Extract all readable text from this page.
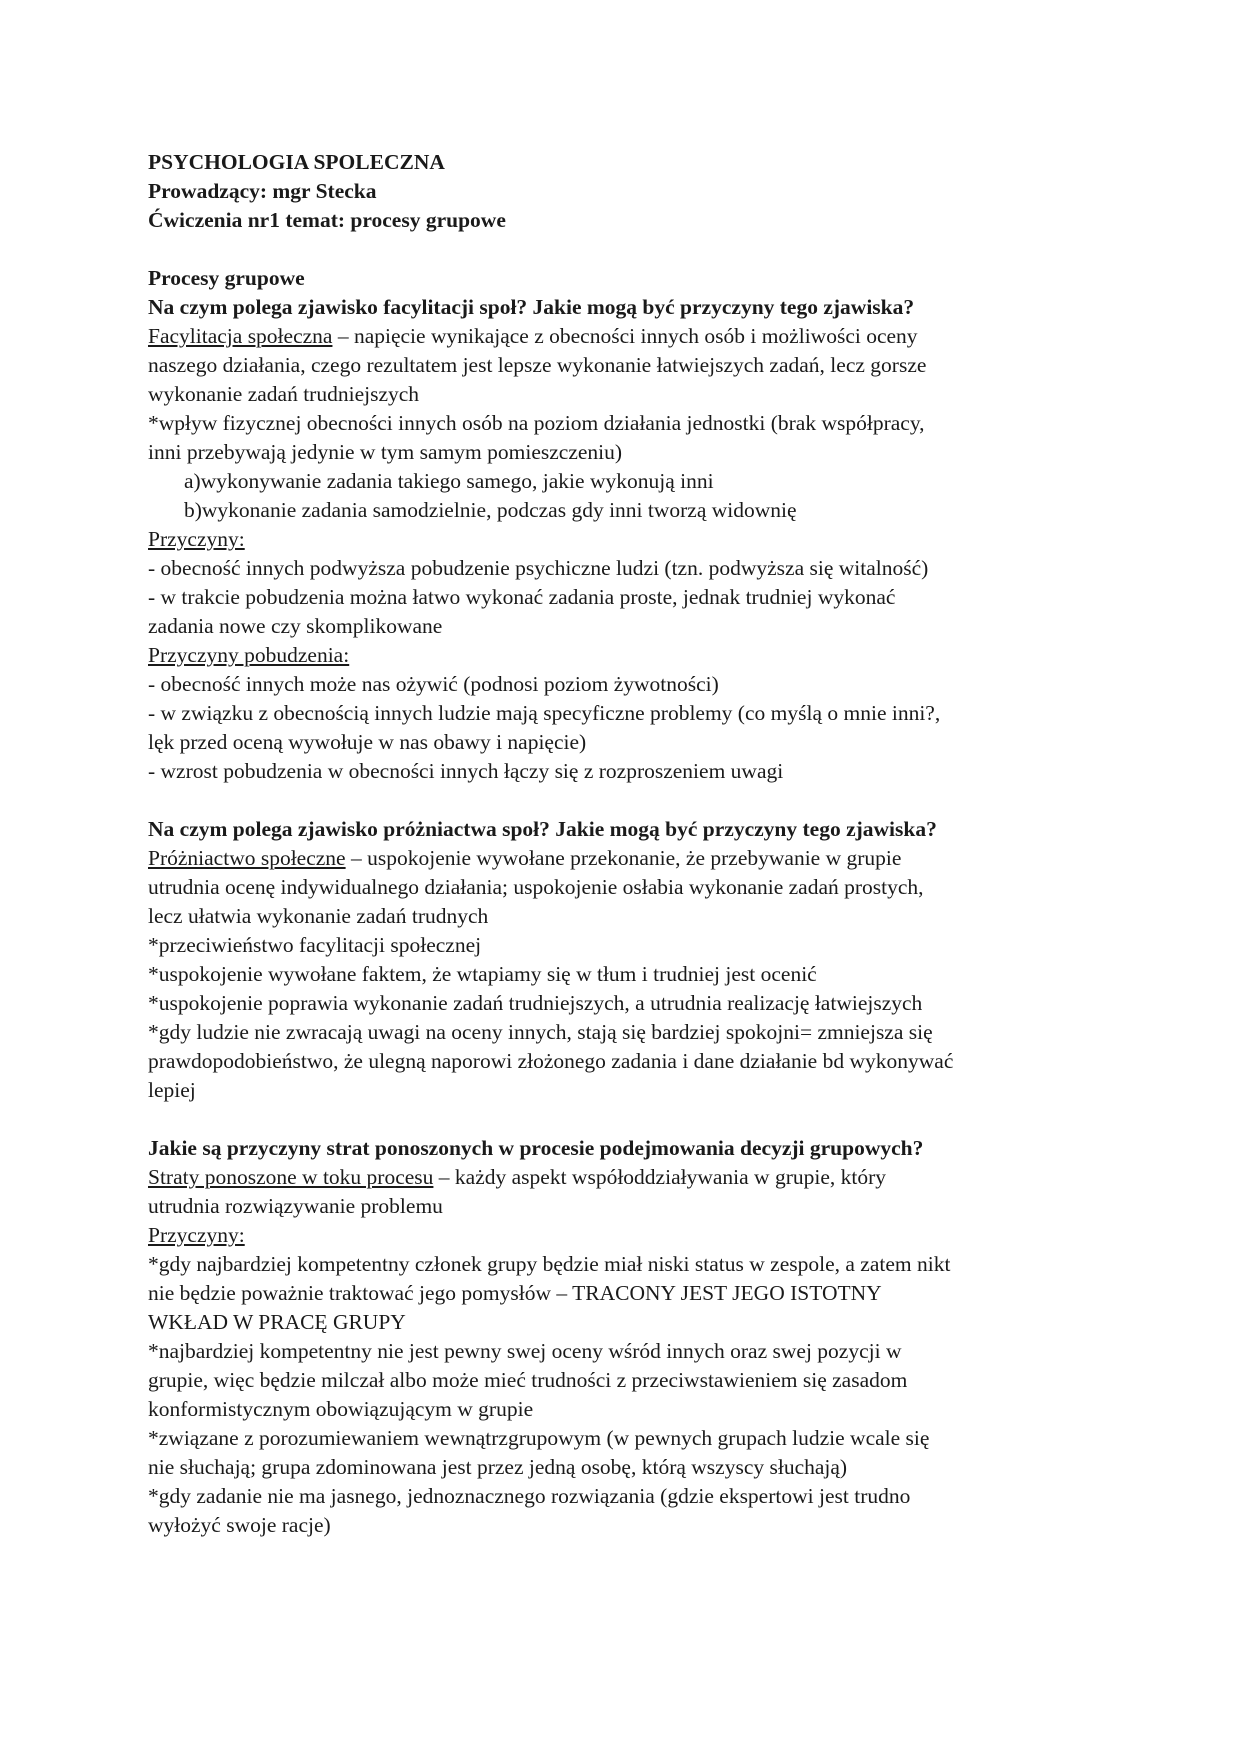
PSYCHOLOGIA SPOLECZNA
Prowadzący: mgr Stecka
Ćwiczenia nr1 temat: procesy grupowe
Procesy grupowe
Na czym polega zjawisko facylitacji społ? Jakie mogą być przyczyny tego zjawiska?
Facylitacja społeczna – napięcie wynikające z obecności innych osób i możliwości oceny
naszego działania, czego rezultatem jest lepsze wykonanie łatwiejszych zadań, lecz gorsze
wykonanie zadań trudniejszych
*wpływ fizycznej obecności innych osób na poziom działania jednostki (brak współpracy,
inni przebywają jedynie w tym samym pomieszczeniu)
a)wykonywanie zadania takiego samego, jakie wykonują inni
b)wykonanie zadania samodzielnie, podczas gdy inni tworzą widownię
Przyczyny:
- obecność innych podwyższa pobudzenie psychiczne ludzi (tzn. podwyższa się witalność)
- w trakcie pobudzenia można łatwo wykonać zadania proste, jednak trudniej wykonać
zadania nowe czy skomplikowane
Przyczyny pobudzenia:
- obecność innych może nas ożywić (podnosi poziom żywotności)
- w związku z obecnością innych ludzie mają specyficzne problemy (co myślą o mnie inni?,
lęk przed oceną wywołuje w nas obawy i napięcie)
- wzrost pobudzenia w obecności innych łączy się z rozproszeniem uwagi
Na czym polega zjawisko próżniactwa społ? Jakie mogą być przyczyny tego zjawiska?
Próżniactwo społeczne – uspokojenie wywołane przekonanie, że przebywanie w grupie
utrudnia ocenę indywidualnego działania; uspokojenie osłabia wykonanie zadań prostych,
lecz ułatwia wykonanie zadań trudnych
*przeciwieństwo facylitacji społecznej
*uspokojenie wywołane faktem, że wtapiamy się w tłum i trudniej jest ocenić
*uspokojenie poprawia wykonanie zadań trudniejszych, a utrudnia realizację łatwiejszych
*gdy ludzie nie zwracają uwagi na oceny innych, stają się bardziej spokojni= zmniejsza się
prawdopodobieństwo, że ulegną naporowi złożonego zadania i dane działanie bd wykonywać
lepiej
Jakie są przyczyny strat ponoszonych w procesie podejmowania decyzji grupowych?
Straty ponoszone w toku procesu – każdy aspekt współoddziaływania w grupie, który
utrudnia rozwiązywanie problemu
Przyczyny:
*gdy najbardziej kompetentny członek grupy będzie miał niski status w zespole, a zatem nikt
nie będzie poważnie traktować jego pomysłów – TRACONY JEST JEGO ISTOTNY
WKŁAD W PRACĘ GRUPY
*najbardziej kompetentny nie jest pewny swej oceny wśród innych oraz swej pozycji w
grupie, więc będzie milczał albo może mieć trudności z przeciwstawieniem się zasadom
konformistycznym obowiązującym w grupie
*związane z porozumiewaniem wewnątrzgrupowym (w pewnych grupach ludzie wcale się
nie słuchają; grupa zdominowana jest przez jedną osobę, którą wszyscy słuchają)
*gdy zadanie nie ma jasnego, jednoznacznego rozwiązania (gdzie ekspertowi jest trudno
wyłożyć swoje racje)
